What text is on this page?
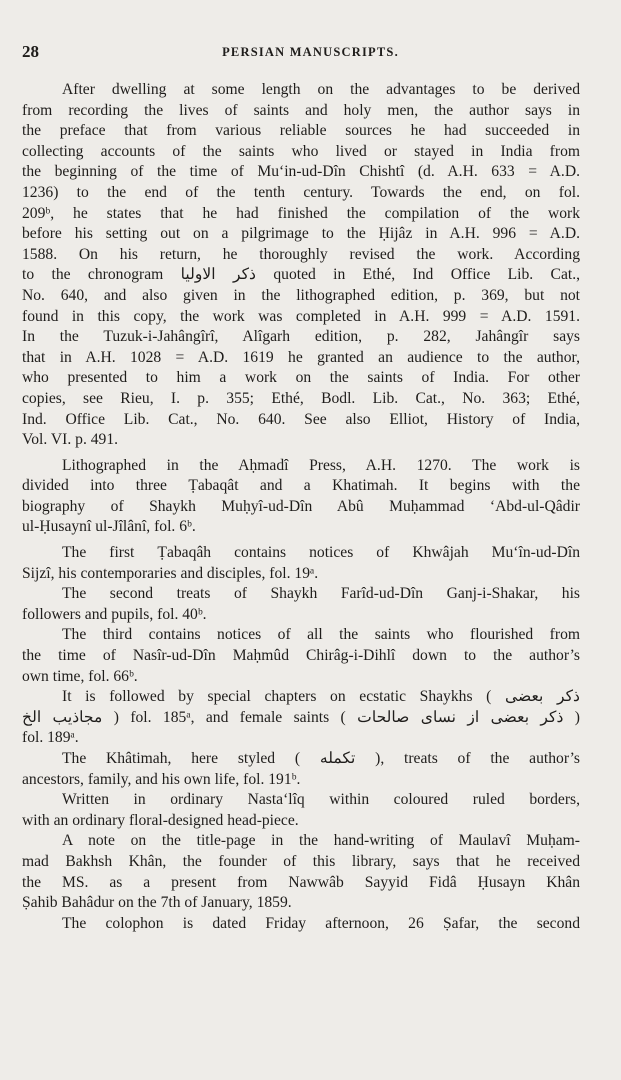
28	PERSIAN MANUSCRIPTS.
After dwelling at some length on the advantages to be derived
from recording the lives of saints and holy men, the author says in
the preface that from various reliable sources he had succeeded in
collecting accounts of the saints who lived or stayed in India from
the beginning of the time of Mu‘in-ud-Dîn Chishtî (d. A.H. 633 = A.D.
1236) to the end of the tenth century. Towards the end, on fol.
209ᵇ, he states that he had finished the compilation of the work
before his setting out on a pilgrimage to the Ḥijâz in A.H. 996 = A.D.
1588. On his return, he thoroughly revised the work. According
to the chronogram ذکر الاولیا quoted in Ethé, Ind Office Lib. Cat.,
No. 640, and also given in the lithographed edition, p. 369, but not
found in this copy, the work was completed in A.H. 999 = A.D. 1591.
In the Tuzuk-i-Jahângîrî, Alîgarh edition, p. 282, Jahângîr says
that in A.H. 1028 = A.D. 1619 he granted an audience to the author,
who presented to him a work on the saints of India. For other
copies, see Rieu, I. p. 355; Ethé, Bodl. Lib. Cat., No. 363; Ethé,
Ind. Office Lib. Cat., No. 640. See also Elliot, History of India,
Vol. VI. p. 491.
Lithographed in the Aḥmadî Press, A.H. 1270. The work is
divided into three Ṭabaqât and a Khatimah. It begins with the
biography of Shaykh Muḥyî-ud-Dîn Abû Muḥammad ‘Abd-ul-Qâdir
ul-Ḥusaynî ul-Jîlânî, fol. 6ᵇ.
The first Ṭabaqâh contains notices of Khwâjah Mu‘în-ud-Dîn
Sijzî, his contemporaries and disciples, fol. 19ᵃ.
The second treats of Shaykh Farîd-ud-Dîn Ganj-i-Shakar, his
followers and pupils, fol. 40ᵇ.
The third contains notices of all the saints who flourished from
the time of Nasîr-ud-Dîn Maḥmûd Chirâg-i-Dihlî down to the author’s
own time, fol. 66ᵇ.
It is followed by special chapters on ecstatic Shaykhs ( ذکر بعضی
مجاذیب الخ ) fol. 185ᵃ, and female saints ( ذکر بعضی از نسای صالحات )
fol. 189ᵃ.
The Khâtimah, here styled ( تکمله ), treats of the author’s
ancestors, family, and his own life, fol. 191ᵇ.
Written in ordinary Nasta‘lîq within coloured ruled borders,
with an ordinary floral-designed head-piece.
A note on the title-page in the hand-writing of Maulavî Muḥam-
mad Bakhsh Khân, the founder of this library, says that he received
the MS. as a present from Nawwâb Sayyid Fidâ Ḥusayn Khân
Ṣahib Bahâdur on the 7th of January, 1859.
The colophon is dated Friday afternoon, 26 Ṣafar, the second
